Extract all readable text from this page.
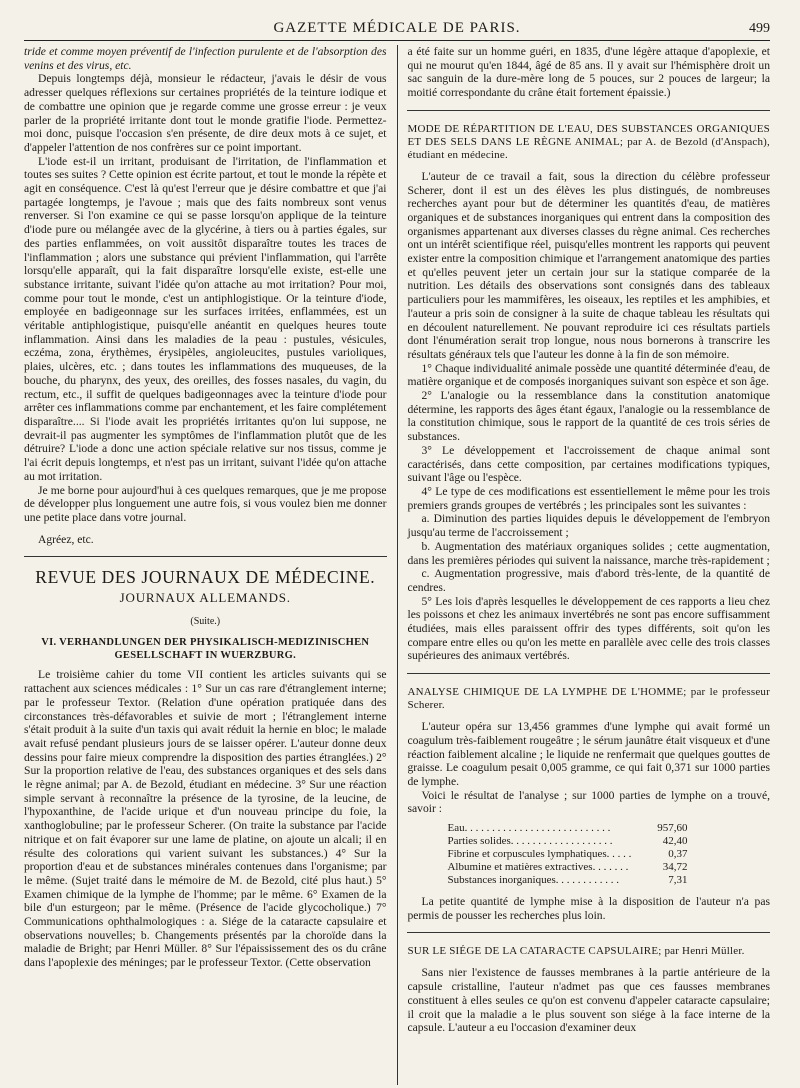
GAZETTE MÉDICALE DE PARIS.	499

tride et comme moyen préventif de l'infection purulente et de l'absorption des venins et des virus, etc.

Depuis longtemps déjà, monsieur le rédacteur, j'avais le désir de vous adresser quelques réflexions sur certaines propriétés de la teinture iodique et de combattre une opinion que je regarde comme une grosse erreur : je veux parler de la propriété irritante dont tout le monde gratifie l'iode. Permettez-moi donc, puisque l'occasion s'en présente, de dire deux mots à ce sujet, et d'appeler l'attention de nos confrères sur ce point important.

L'iode est-il un irritant, produisant de l'irritation, de l'inflammation et toutes ses suites ? Cette opinion est écrite partout, et tout le monde la répète et agit en conséquence. C'est là qu'est l'erreur que je désire combattre et que j'ai partagée longtemps, je l'avoue ; mais que des faits nombreux sont venus renverser. Si l'on examine ce qui se passe lorsqu'on applique de la teinture d'iode pure ou mélangée avec de la glycérine, à tiers ou à parties égales, sur des parties enflammées, on voit aussitôt disparaître toutes les traces de l'inflammation ; alors une substance qui prévient l'inflammation, qui l'arrête lorsqu'elle apparaît, qui la fait disparaître lorsqu'elle existe, est-elle une substance irritante, suivant l'idée qu'on attache au mot irritation? Pour moi, comme pour tout le monde, c'est un antiphlogistique. Or la teinture d'iode, employée en badigeonnage sur les surfaces irritées, enflammées, est un véritable antiphlogistique, puisqu'elle anéantit en quelques heures toute inflammation. Ainsi dans les maladies de la peau : pustules, vésicules, eczéma, zona, érythèmes, érysipèles, angioleucites, pustules varioliques, plaies, ulcères, etc. ; dans toutes les inflammations des muqueuses, de la bouche, du pharynx, des yeux, des oreilles, des fosses nasales, du vagin, du rectum, etc., il suffit de quelques badigeonnages avec la teinture d'iode pour arrêter ces inflammations comme par enchantement, et les faire complétement disparaître.... Si l'iode avait les propriétés irritantes qu'on lui suppose, ne devrait-il pas augmenter les symptômes de l'inflammation plutôt que de les détruire? L'iode a donc une action spéciale relative sur nos tissus, comme je l'ai écrit depuis longtemps, et n'est pas un irritant, suivant l'idée qu'on attache au mot irritation.

Je me borne pour aujourd'hui à ces quelques remarques, que je me propose de développer plus longuement une autre fois, si vous voulez bien me donner une petite place dans votre journal.

Agréez, etc.

REVUE DES JOURNAUX DE MÉDECINE.
JOURNAUX ALLEMANDS.
(Suite.)
VI. VERHANDLUNGEN DER PHYSIKALISCH-MEDIZINISCHEN GESELLSCHAFT IN WUERZBURG.

Le troisième cahier du tome VII contient les articles suivants qui se rattachent aux sciences médicales : 1° Sur un cas rare d'étranglement interne; par le professeur Textor. (Relation d'une opération pratiquée dans des circonstances très-défavorables et suivie de mort ; l'étranglement interne s'était produit à la suite d'un taxis qui avait réduit la hernie en bloc; le malade avait refusé pendant plusieurs jours de se laisser opérer. L'auteur donne deux dessins pour faire mieux comprendre la disposition des parties étranglées.) 2° Sur la proportion relative de l'eau, des substances organiques et des sels dans le règne animal; par A. de Bezold, étudiant en médecine. 3° Sur une réaction simple servant à reconnaître la présence de la tyrosine, de la leucine, de l'hypoxanthine, de l'acide urique et d'un nouveau principe du foie, la xanthoglobuline; par le professeur Scherer. (On traite la substance par l'acide nitrique et on fait évaporer sur une lame de platine, on ajoute un alcali; il en résulte des colorations qui varient suivant les substances.) 4° Sur la proportion d'eau et de substances minérales contenues dans l'organisme; par le même. (Sujet traité dans le mémoire de M. de Bezold, cité plus haut.) 5° Examen chimique de la lymphe de l'homme; par le même. 6° Examen de la bile d'un esturgeon; par le même. (Présence de l'acide glycocholique.) 7° Communications ophthalmologiques : a. Siége de la cataracte capsulaire et observations nouvelles; b. Changements présentés par la choroïde dans la maladie de Bright; par Henri Müller. 8° Sur l'épaississement des os du crâne dans l'apoplexie des méninges; par le professeur Textor. (Cette observation

a été faite sur un homme guéri, en 1835, d'une légère attaque d'apoplexie, et qui ne mourut qu'en 1844, âgé de 85 ans. Il y avait sur l'hémisphère droit un sac sanguin de la dure-mère long de 5 pouces, sur 2 pouces de largeur; la moitié correspondante du crâne était fortement épaissie.)

MODE DE RÉPARTITION DE L'EAU, DES SUBSTANCES ORGANIQUES ET DES SELS DANS LE RÈGNE ANIMAL; par A. de Bezold (d'Anspach), étudiant en médecine.

L'auteur de ce travail a fait, sous la direction du célèbre professeur Scherer, dont il est un des élèves les plus distingués, de nombreuses recherches ayant pour but de déterminer les quantités d'eau, de matières organiques et de substances inorganiques qui entrent dans la composition des organismes appartenant aux diverses classes du règne animal. Ces recherches ont un intérêt scientifique réel, puisqu'elles montrent les rapports qui peuvent exister entre la composition chimique et l'arrangement anatomique des parties et qu'elles peuvent jeter un certain jour sur la statique comparée de la nutrition. Les détails des observations sont consignés dans des tableaux particuliers pour les mammifères, les oiseaux, les reptiles et les amphibies, et l'auteur a pris soin de consigner à la suite de chaque tableau les résultats qui en découlent naturellement. Ne pouvant reproduire ici ces résultats partiels dont l'énumération serait trop longue, nous nous bornerons à transcrire les résultats généraux tels que l'auteur les donne à la fin de son mémoire.

1° Chaque individualité animale possède une quantité déterminée d'eau, de matière organique et de composés inorganiques suivant son espèce et son âge.

2° L'analogie ou la ressemblance dans la constitution anatomique détermine, les rapports des âges étant égaux, l'analogie ou la ressemblance de la constitution chimique, sous le rapport de la quantité de ces trois séries de substances.

3° Le développement et l'accroissement de chaque animal sont caractérisés, dans cette composition, par certaines modifications typiques, suivant l'âge ou l'espèce.

4° Le type de ces modifications est essentiellement le même pour les trois premiers grands groupes de vertébrés ; les principales sont les suivantes :

a. Diminution des parties liquides depuis le développement de l'embryon jusqu'au terme de l'accroissement ;

b. Augmentation des matériaux organiques solides ; cette augmentation, dans les premières périodes qui suivent la naissance, marche très-rapidement ;

c. Augmentation progressive, mais d'abord très-lente, de la quantité de cendres.

5° Les lois d'après lesquelles le développement de ces rapports a lieu chez les poissons et chez les animaux invertébrés ne sont pas encore suffisamment étudiées, mais elles paraissent offrir des types différents, soit qu'on les compare entre elles ou qu'on les mette en parallèle avec celle des trois classes supérieures des animaux vertébrés.

ANALYSE CHIMIQUE DE LA LYMPHE DE L'HOMME; par le professeur Scherer.

L'auteur opéra sur 13,456 grammes d'une lymphe qui avait formé un coagulum très-faiblement rougeâtre ; le sérum jaunâtre était visqueux et d'une réaction faiblement alcaline ; le liquide ne renfermait que quelques gouttes de graisse. Le coagulum pesait 0,005 gramme, ce qui fait 0,371 sur 1000 parties de lymphe.

Voici le résultat de l'analyse ; sur 1000 parties de lymphe on a trouvé, savoir :

Eau. . . . . . . . . . . . . . . . . . . . . . . . . . .	957,60
Parties solides. . . . . . . . . . . . . . . . . . .	42,40
Fibrine et corpuscules lymphatiques. . . . .	0,37
Albumine et matières extractives. . . . . . .	34,72
Substances inorganiques. . . . . . . . . . . .	7,31

La petite quantité de lymphe mise à la disposition de l'auteur n'a pas permis de pousser les recherches plus loin.

SUR LE SIÉGE DE LA CATARACTE CAPSULAIRE; par Henri Müller.

Sans nier l'existence de fausses membranes à la partie antérieure de la capsule cristalline, l'auteur n'admet pas que ces fausses membranes constituent à elles seules ce qu'on est convenu d'appeler cataracte capsulaire; il croit que la maladie a le plus souvent son siége à la face interne de la capsule. L'auteur a eu l'occasion d'examiner deux
